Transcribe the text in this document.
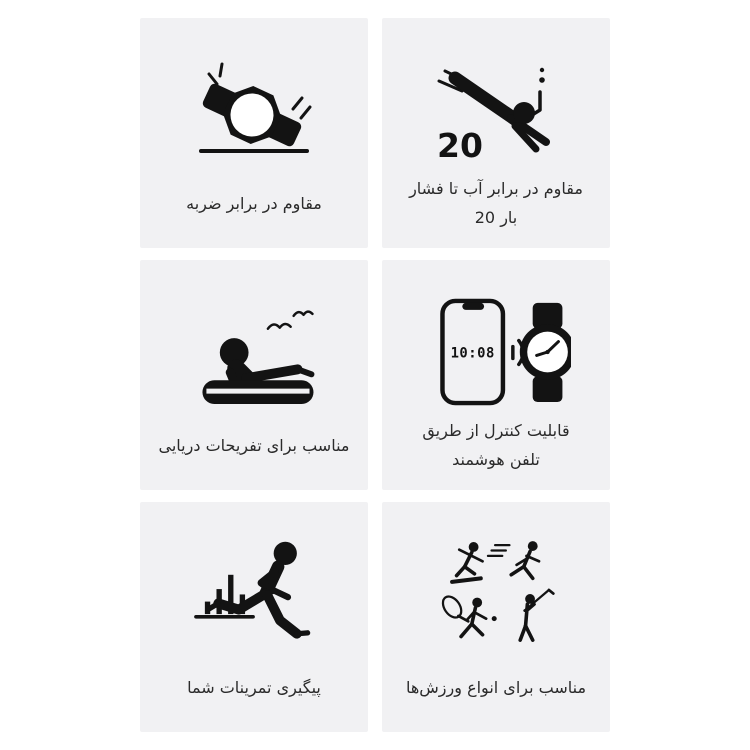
مقاوم در برابر ضربه
20
مقاوم در برابر آب تا فشار
20 بار
مناسب برای تفریحات دریایی
10:08
قابلیت کنترل از طریق
تلفن هوشمند
پیگیری تمرینات شما	مناسب برای انواع ورزش‌ها
